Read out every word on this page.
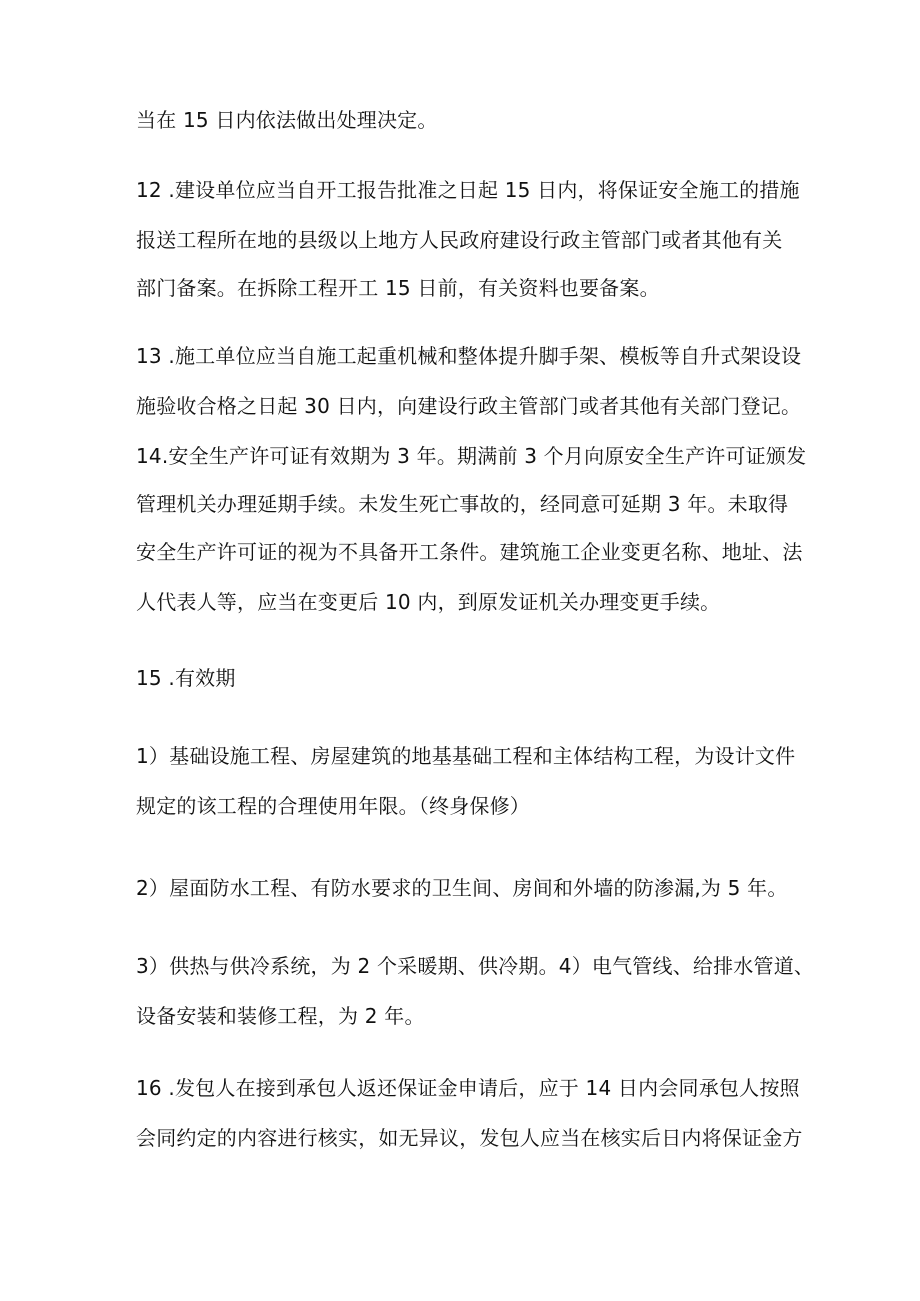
当在 15 日内依法做出处理决定。
12 .建设单位应当自开工报告批准之日起 15 日内，将保证安全施工的措施
报送工程所在地的县级以上地方人民政府建设行政主管部门或者其他有关
部门备案。在拆除工程开工 15 日前，有关资料也要备案。
13 .施工单位应当自施工起重机械和整体提升脚手架、模板等自升式架设设
施验收合格之日起 30 日内，向建设行政主管部门或者其他有关部门登记。
14.安全生产许可证有效期为 3 年。期满前 3 个月向原安全生产许可证颁发
管理机关办理延期手续。未发生死亡事故的，经同意可延期 3 年。未取得
安全生产许可证的视为不具备开工条件。建筑施工企业变更名称、地址、法
人代表人等，应当在变更后 10 内，到原发证机关办理变更手续。
15 .有效期
1）基础设施工程、房屋建筑的地基基础工程和主体结构工程，为设计文件
规定的该工程的合理使用年限。（终身保修）
2）屋面防水工程、有防水要求的卫生间、房间和外墙的防渗漏,为 5 年。
3）供热与供冷系统，为 2 个采暖期、供冷期。4）电气管线、给排水管道、
设备安装和装修工程，为 2 年。
16 .发包人在接到承包人返还保证金申请后，应于 14 日内会同承包人按照
会同约定的内容进行核实，如无异议，发包人应当在核实后日内将保证金方
